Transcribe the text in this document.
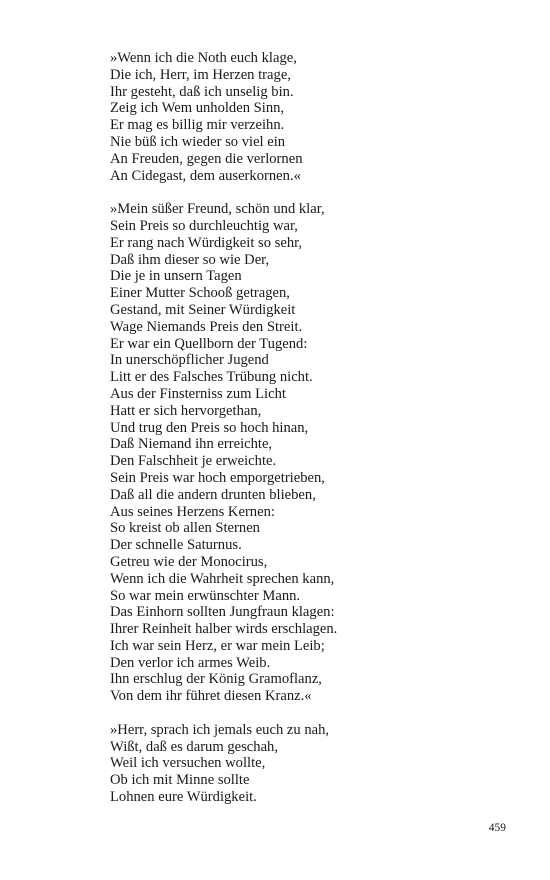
»Wenn ich die Noth euch klage,
Die ich, Herr, im Herzen trage,
Ihr gesteht, daß ich unselig bin.
Zeig ich Wem unholden Sinn,
Er mag es billig mir verzeihn.
Nie büß ich wieder so viel ein
An Freuden, gegen die verlornen
An Cidegast, dem auserkornen.«
»Mein süßer Freund, schön und klar,
Sein Preis so durchleuchtig war,
Er rang nach Würdigkeit so sehr,
Daß ihm dieser so wie Der,
Die je in unsern Tagen
Einer Mutter Schooß getragen,
Gestand, mit Seiner Würdigkeit
Wage Niemands Preis den Streit.
Er war ein Quellborn der Tugend:
In unerschöpflicher Jugend
Litt er des Falsches Trübung nicht.
Aus der Finsterniss zum Licht
Hatt er sich hervorgethan,
Und trug den Preis so hoch hinan,
Daß Niemand ihn erreichte,
Den Falschheit je erweichte.
Sein Preis war hoch emporgetrieben,
Daß all die andern drunten blieben,
Aus seines Herzens Kernen:
So kreist ob allen Sternen
Der schnelle Saturnus.
Getreu wie der Monocirus,
Wenn ich die Wahrheit sprechen kann,
So war mein erwünschter Mann.
Das Einhorn sollten Jungfraun klagen:
Ihrer Reinheit halber wirds erschlagen.
Ich war sein Herz, er war mein Leib;
Den verlor ich armes Weib.
Ihn erschlug der König Gramoflanz,
Von dem ihr führet diesen Kranz.«
»Herr, sprach ich jemals euch zu nah,
Wißt, daß es darum geschah,
Weil ich versuchen wollte,
Ob ich mit Minne sollte
Lohnen eure Würdigkeit.
459
